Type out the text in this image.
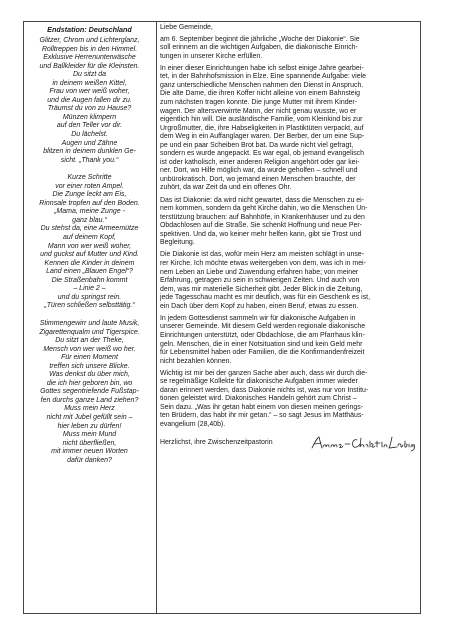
Endstation: Deutschland
Glitzer, Chrom und Lichterglanz,
Rolltreppen bis in den Himmel.
Exklusive Herrenunterwäsche
und Ballkleider für die Kleinsten.
Du sitzt da
in deinem weißen Kittel,
Frau von wer weiß woher,
und die Augen fallen dir zu.
Träumst du von zu Hause?
Münzen klimpern
auf den Teller vor dir.
Du lächelst.
Augen und Zähne
blitzen in deinem dunklen Ge-
sicht. „Thank you.“
Kurze Schritte
vor einer roten Ampel.
Die Zunge leckt am Eis,
Rinnsale tropfen auf den Boden.
„Mama, meine Zunge -
ganz blau.“
Du stehst da, eine Armeemütze
auf deinem Kopf,
Mann von wer weiß woher,
und guckst auf Mutter und Kind.
Kennen die Kinder in deinem
Land einen „Blauen Engel“?
Die Straßenbahn kommt
– Linie 2 –
und du springst rein.
„Türen schließen selbsttätig.“
Stimmengewirr und laute Musik,
Zigarettenqualm und Tigerspice.
Du sitzt an der Theke,
Mensch von wer weiß wo her.
Für einen Moment
treffen sich unsere Blicke.
Was denkst du über mich,
die ich hier geboren bin, wo
Gottes segentriefende Fußstap-
fen durchs ganze Land ziehen?
Muss mein Herz
nicht mit Jubel gefüllt sein –
hier leben zu dürfen!
Muss mein Mund
nicht überfließen,
mit immer neuen Worten
dafür danken?

Liebe Gemeinde,

am 6. September beginnt die jährliche „Woche der Diakonie“. Sie
soll erinnern an die wichtigen Aufgaben, die diakonische Einrich-
tungen in unserer Kirche erfüllen.

In einer dieser Einrichtungen habe ich selbst einige Jahre gearbei-
tet, in der Bahnhofsmission in Elze. Eine spannende Aufgabe: viele
ganz unterschiedliche Menschen nahmen den Dienst in Anspruch.
Die alte Dame, die ihren Koffer nicht alleine von einem Bahnsteig
zum nächsten tragen konnte. Die junge Mutter mit ihrem Kinder-
wagen. Der altersverwirrte Mann, der nicht genau wusste, wo er
eigentlich hin will. Die ausländische Familie, vom Kleinkind bis zur
Urgroßmutter, die, ihre Habseligkeiten in Plastiktüten verpackt, auf
dem Weg in ein Auffanglager waren. Der Berber, der um eine Sup-
pe und ein paar Scheiben Brot bat. Da wurde nicht viel gefragt,
sondern es wurde angepackt. Es war egal, ob jemand evangelisch
ist oder katholisch, einer anderen Religion angehört oder gar kei-
ner. Dort, wo Hilfe möglich war, da wurde geholfen – schnell und
unbürokratisch. Dort, wo jemand einen Menschen brauchte, der
zuhört, da war Zeit da und ein offenes Ohr.

Das ist Diakonie: da wird nicht gewartet, dass die Menschen zu ei-
nem kommen, sondern da geht Kirche dahin, wo die Menschen Un-
terstützung brauchen: auf Bahnhöfe, in Krankenhäuser und zu den
Obdachlosen auf die Straße. Sie schenkt Hoffnung und neue Per-
spektiven. Und da, wo keiner mehr helfen kann, gibt sie Trost und
Begleitung.

Die Diakonie ist das, wofür mein Herz am meisten schlägt in unse-
rer Kirche. Ich möchte etwas weitergeben von dem, was ich in mei-
nem Leben an Liebe und Zuwendung erfahren habe; von meiner
Erfahrung, getragen zu sein in schwierigen Zeiten. Und auch von
dem, was mir materielle Sicherheit gibt. Jeder Blick in die Zeitung,
jede Tagesschau macht es mir deutlich, was für ein Geschenk es ist,
ein Dach über dem Kopf zu haben, einen Beruf, etwas zu essen.

In jedem Gottesdienst sammeln wir für diakonische Aufgaben in
unserer Gemeinde. Mit diesem Geld werden regionale diakonische
Einrichtungen unterstützt, oder Obdachlose, die am Pfarrhaus klin-
geln. Menschen, die in einer Notsituation sind und kein Geld mehr
für Lebensmittel haben oder Familien, die die Konfirmandenfreizeit
nicht bezahlen können.

Wichtig ist mir bei der ganzen Sache aber auch, dass wir durch die-
se regelmäßige Kollekte für diakonische Aufgaben immer wieder
daran erinnert werden, dass Diakonie nichts ist, was nur von Institu-
tionen geleistet wird. Diakonisches Handeln gehört zum Christ –
Sein dazu. „Was ihr getan habt einem von diesen meinen gerings-
ten Brüdern, das habt ihr mir getan.“ – so sagt Jesus im Matthäus-
evangelium (28,40b).

Herzlichst, ihre Zwischenzeitpastorin
